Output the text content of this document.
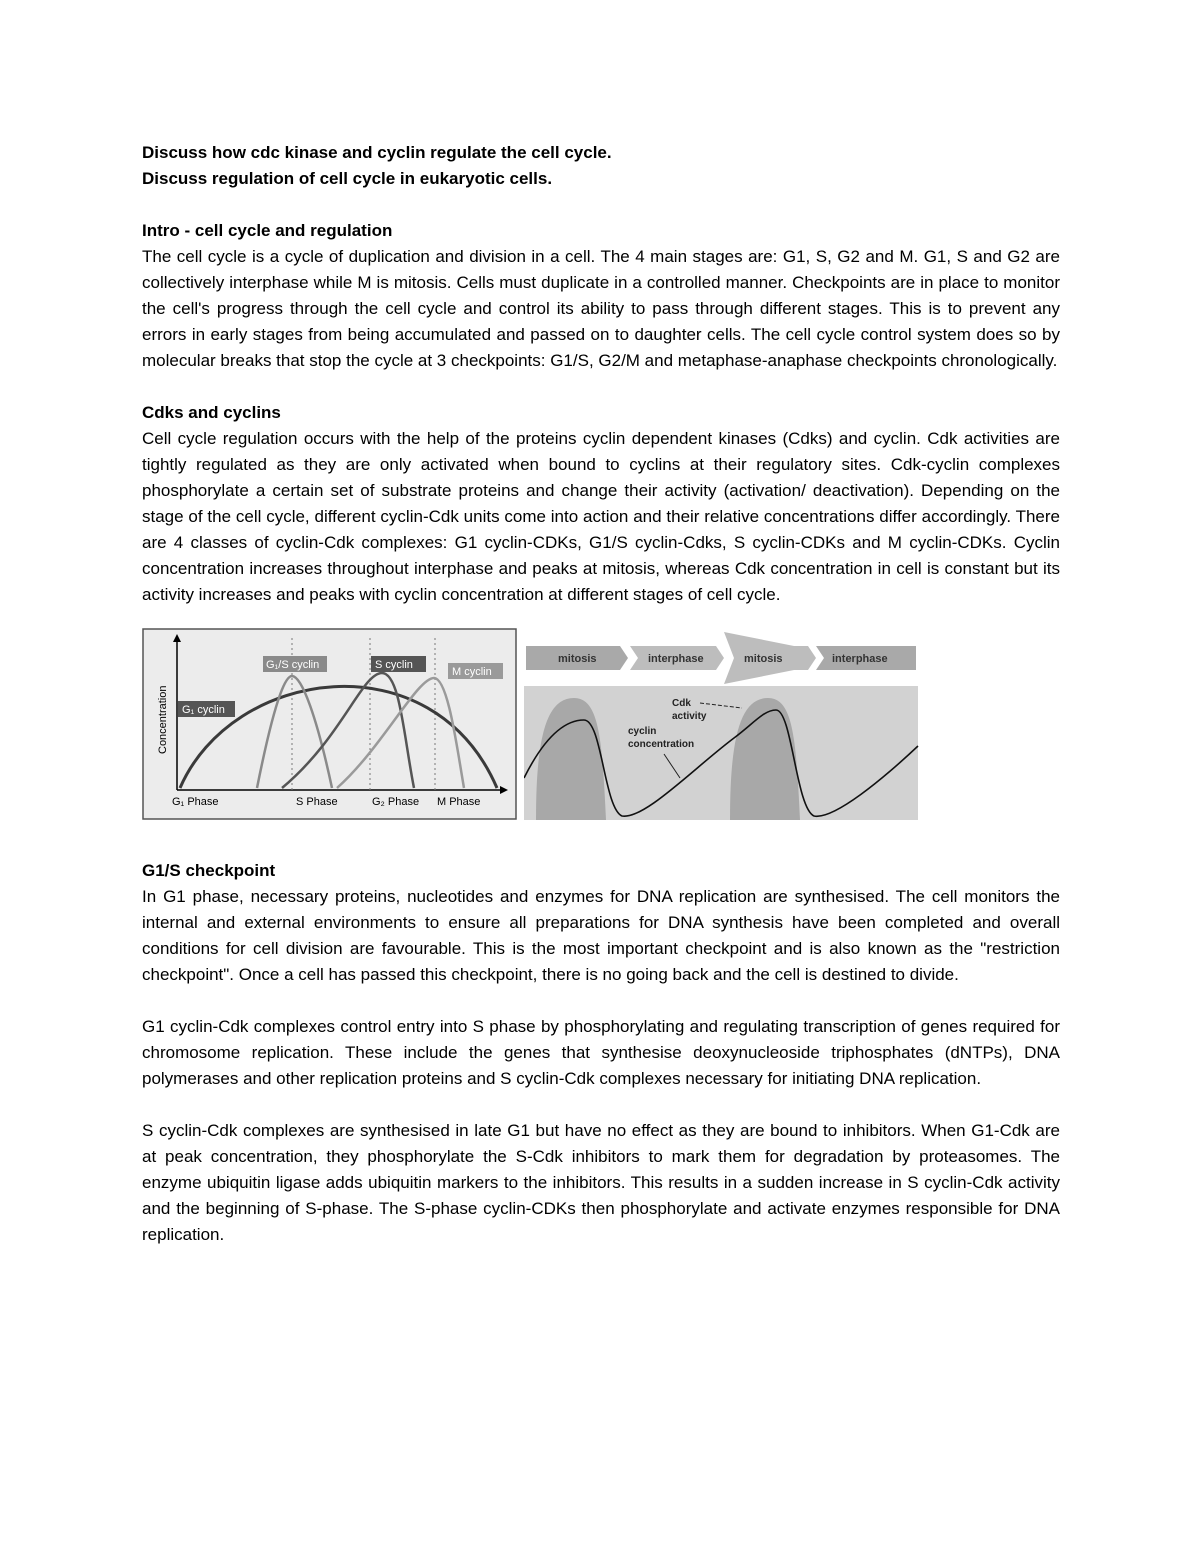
Discuss how cdc kinase and cyclin regulate the cell cycle.
Discuss regulation of cell cycle in eukaryotic cells.
Intro - cell cycle and regulation

The cell cycle is a cycle of duplication and division in a cell. The 4 main stages are: G1, S, G2 and M. G1, S and G2 are collectively interphase while M is mitosis. Cells must duplicate in a controlled manner. Checkpoints are in place to monitor the cell's progress through the cell cycle and control its ability to pass through different stages. This is to prevent any errors in early stages from being accumulated and passed on to daughter cells. The cell cycle control system does so by molecular breaks that stop the cycle at 3 checkpoints: G1/S, G2/M and metaphase-anaphase checkpoints chronologically.

Cdks and cyclins

Cell cycle regulation occurs with the help of the proteins cyclin dependent kinases (Cdks) and cyclin. Cdk activities are tightly regulated as they are only activated when bound to cyclins at their regulatory sites. Cdk-cyclin complexes phosphorylate a certain set of substrate proteins and change their activity (activation/ deactivation). Depending on the stage of the cell cycle, different cyclin-Cdk units come into action and their relative concentrations differ accordingly. There are 4 classes of cyclin-Cdk complexes: G1 cyclin-CDKs, G1/S cyclin-Cdks, S cyclin-CDKs and M cyclin-CDKs. Cyclin concentration increases throughout interphase and peaks at mitosis, whereas Cdk concentration in cell is constant but its activity increases and peaks with cyclin concentration at different stages of cell cycle.

G₁ cyclin
G₁/S cyclin	S cyclin
M cyclin
Concentration
G₁ Phase	S Phase	G₂ Phase M Phase
mitosis	interphase	mitosis	interphase
Cdk activity
cyclin concentration
G1/S checkpoint

In G1 phase, necessary proteins, nucleotides and enzymes for DNA replication are synthesised. The cell monitors the internal and external environments to ensure all preparations for DNA synthesis have been completed and overall conditions for cell division are favourable. This is the most important checkpoint and is also known as the "restriction checkpoint". Once a cell has passed this checkpoint, there is no going back and the cell is destined to divide.

G1 cyclin-Cdk complexes control entry into S phase by phosphorylating and regulating transcription of genes required for chromosome replication. These include the genes that synthesise deoxynucleoside triphosphates (dNTPs), DNA polymerases and other replication proteins and S cyclin-Cdk complexes necessary for initiating DNA replication.

S cyclin-Cdk complexes are synthesised in late G1 but have no effect as they are bound to inhibitors. When G1-Cdk are at peak concentration, they phosphorylate the S-Cdk inhibitors to mark them for degradation by proteasomes. The enzyme ubiquitin ligase adds ubiquitin markers to the inhibitors. This results in a sudden increase in S cyclin-Cdk activity and the beginning of S-phase. The S-phase cyclin-CDKs then phosphorylate and activate enzymes responsible for DNA replication.
